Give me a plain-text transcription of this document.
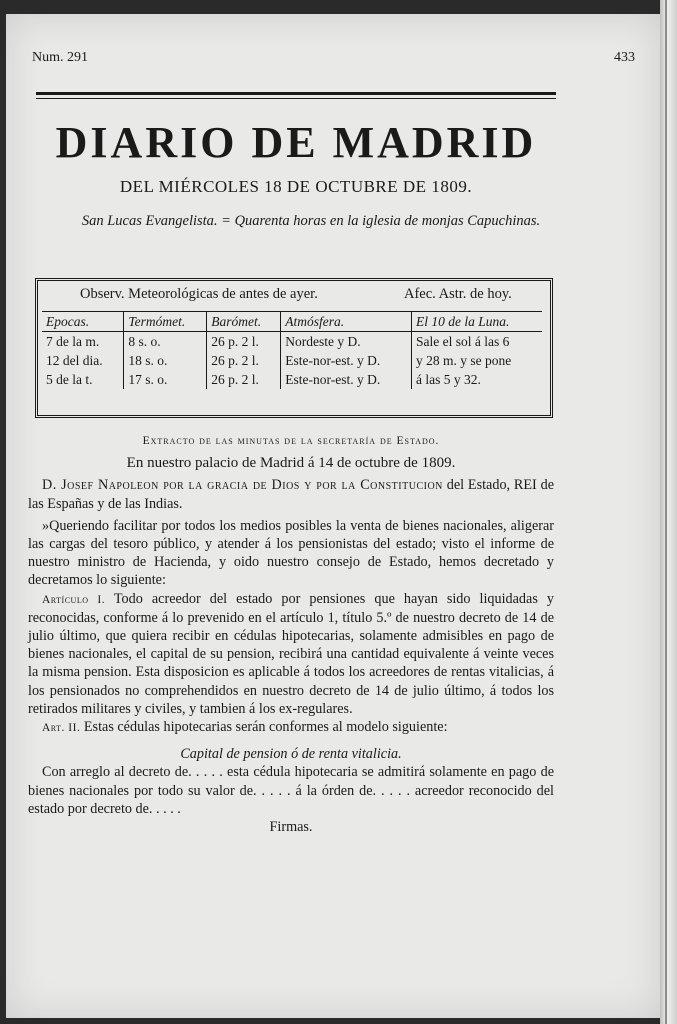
Num. 291	433
DIARIO DE MADRID
DEL MIÉRCOLES 18 DE OCTUBRE DE 1809.
San Lucas Evangelista. = Quarenta horas en la iglesia de monjas Capuchinas.
Observ. Meteorológicas de antes de ayer.	Afec. Astr. de hoy.
Epocas.	Termómet.	Barómet.	Atmósfera.	El 10 de la Luna.
7 de la m.	8 s. o.	26 p. 2 l.	Nordeste y D.	Sale el sol á las 6
12 del dia.	18 s. o.	26 p. 2 l.	Este-nor-est. y D.	y 28 m. y se pone
5 de la t.	17 s. o.	26 p. 2 l.	Este-nor-est. y D.	á las 5 y 32.

Extracto de las minutas de la secretaría de Estado.

En nuestro palacio de Madrid á 14 de octubre de 1809.

D. Josef Napoleon por la gracia de Dios y por la Constitucion del Estado, REI de las Españas y de las Indias.

»Queriendo facilitar por todos los medios posibles la venta de bienes nacionales, aligerar las cargas del tesoro público, y atender á los pensionistas del estado; visto el informe de nuestro ministro de Hacienda, y oido nuestro consejo de Estado, hemos decretado y decretamos lo siguiente:

Artículo I. Todo acreedor del estado por pensiones que hayan sido liquidadas y reconocidas, conforme á lo prevenido en el artículo 1, título 5.º de nuestro decreto de 14 de julio último, que quiera recibir en cédulas hipotecarias, solamente admisibles en pago de bienes nacionales, el capital de su pension, recibirá una cantidad equivalente á veinte veces la misma pension. Esta disposicion es aplicable á todos los acreedores de rentas vitalicias, á los pensionados no comprehendidos en nuestro decreto de 14 de julio último, á todos los retirados militares y civiles, y tambien á los ex-regulares.

Art. II. Estas cédulas hipotecarias serán conformes al modelo siguiente:

Capital de pension ó de renta vitalicia.

Con arreglo al decreto de. . . . . esta cédula hipotecaria se admitirá solamente en pago de bienes nacionales por todo su valor de. . . . . á la órden de. . . . . acreedor reconocido del estado por decreto de. . . . .

Firmas.
